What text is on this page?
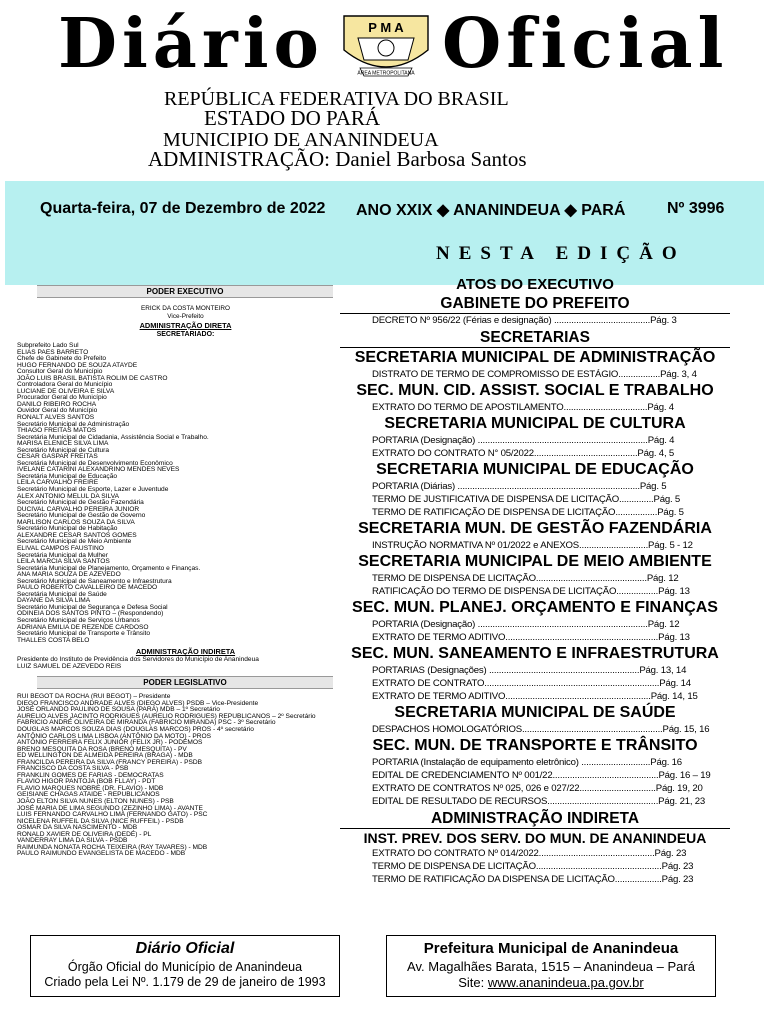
Diário Oficial
P M A
ÁREA METROPOLITANA
REPÚBLICA FEDERATIVA DO BRASIL
ESTADO DO PARÁ
MUNICIPIO DE ANANINDEUA
ADMINISTRAÇÃO: Daniel Barbosa Santos
Quarta-feira, 07 de Dezembro de 2022 ANO XXIX ◆ ANANINDEUA ◆ PARÁ	Nº 3996
NESTA EDIÇÃO
PODER EXECUTIVO
ERICK DA COSTA MONTEIRO
Vice-Prefeito
ADMINISTRAÇÃO DIRETA
SECRETARIADO:
Subprefeito Lado Sul
ELIAS PAES BARRETO
Chefe de Gabinete do Prefeito
HUGO FERNANDO DE SOUZA ATAYDE
Consultor Geral do Município
JOÃO LUIS BRASIL BATISTA ROLIM DE CASTRO
Controladora Geral do Município
LUCIANE DE OLIVEIRA E SILVA
Procurador Geral do Município
DANILO RIBEIRO ROCHA
Ouvidor Geral do Município
RONALT ALVES SANTOS
Secretário Municipal de Administração
THIAGO FREITAS MATOS
Secretária Municipal de Cidadania, Assistência Social e Trabalho.
MARISA ELENICE SILVA LIMA
Secretário Municipal de Cultura
CESAR GASPAR FREITAS
Secretária Municipal de Desenvolvimento Econômico
IVELANE CATARINI ALEXANDRINO MENDES NEVES
Secretária Municipal de Educação
LEILA CARVALHO FREIRE
Secretário Municipal de Esporte, Lazer e Juventude
ALEX ANTONIO MELUL DA SILVA
Secretário Municipal de Gestão Fazendária
DUCIVAL CARVALHO PEREIRA JUNIOR
Secretário Municipal de Gestão de Governo
MARLISON CARLOS SOUZA DA SILVA
Secretário Municipal de Habitação
ALEXANDRE CESAR SANTOS GOMES
Secretário Municipal de Meio Ambiente
ELIVAL CAMPOS FAUSTINO
Secretária Municipal da Mulher
LEILA MARCIA SILVA SANTOS
Secretária Municipal de Planejamento, Orçamento e Finanças.
ANA MARIA SOUZA DE AZEVEDO
Secretário Municipal de Saneamento e Infraestrutura
PAULO ROBERTO CAVALLEIRO DE MACEDO
Secretária Municipal de Saúde
DAYANE DA SILVA LIMA
Secretário Municipal de Segurança e Defesa Social
ODINEIA DOS SANTOS PINTO – (Respondendo)
Secretário Municipal de Serviços Urbanos
ADRIANA EMILIA DE REZENDE CARDOSO
Secretário Municipal de Transporte e Trânsito
THALLES COSTA BELO
ADMINISTRAÇÃO INDIRETA
Presidente do Instituto de Previdência dos Servidores do Município de Ananindeua
LUIZ SAMUEL DE AZEVEDO REIS
PODER LEGISLATIVO
RUI BEGOT DA ROCHA (RUI BEGOT) – Presidente
DIEGO FRANCISCO ANDRADE ALVES (DIEGO ALVES) PSDB – Vice-Presidente
JOSÉ ORLANDO PAULINO DE SOUSA (PARÁ) MDB – 1º Secretário
AURELIO ALVES JACINTO RODRIGUES (AURELIO RODRIGUES) REPUBLICANOS – 2º Secretário
FABRICIO ANDRÉ OLIVEIRA DE MIRANDA (FABRICIO MIRANDA) PSC - 3º Secretário
DOUGLAS MARCOS SOUZA DIAS (DOUGLAS MARCOS) PROS - 4º secretário
ANTÔNIO CARLOS LIMA LISBOA (ANTÔNIO DA MOTO) - PROS
ANTÔNIO FERREIRA FELIX JUNIOR (FELIX JR) - PODEMOS
BRENO MESQUITA DA ROSA (BRENO MESQUITA) - PV
ED WELLINGTON DE ALMEIDA PEREIRA (BRAGA) - MDB
FRANCILDA PEREIRA DA SILVA (FRANCY PEREIRA) - PSDB
FRANCISCO DA COSTA SILVA - PSB
FRANKLIN GOMES DE FARIAS - DEMOCRATAS
FLAVIO HIGOR PANTOJA (BOB FLLAY) - PDT
FLAVIO MARQUES NOBRE (DR. FLAVIO) - MDB
GEISIANE CHAGAS ATAIDE - REPUBLICANOS
JOÃO ELTON SILVA NUNES (ELTON NUNES) - PSB
JOSÉ MARIA DE LIMA SEGUNDO (ZEZINHO LIMA) - AVANTE
LUIS FERNANDO CARVALHO LIMA (FERNANDO GATO) - PSC
NICELENA RUFFEIL DA SILVA (NICE RUFFEIL) - PSDB
OSMAR DA SILVA NASCIMENTO - MDB
RONALD XAVIER DE OLIVEIRA (DEDÉ) - PL
VANDERRAY LIMA DA SILVA - PSDB
RAIMUNDA NONATA ROCHA TEIXEIRA (RAY TAVARES) - MDB
PAULO RAIMUNDO EVANGELISTA DE MACEDO - MDB
ATOS DO EXECUTIVO
GABINETE DO PREFEITO
DECRETO Nº 956/22 (Férias e designação) .......................................Pág. 3
SECRETARIAS
SECRETARIA MUNICIPAL DE ADMINISTRAÇÃO
DISTRATO DE TERMO DE COMPROMISSO DE ESTÁGIO.................Pág. 3, 4
SEC. MUN. CID. ASSIST. SOCIAL E TRABALHO
EXTRATO DO TERMO DE APOSTILAMENTO..................................Pág. 4
SECRETARIA MUNICIPAL DE CULTURA
PORTARIA (Designação) .....................................................................Pág. 4
EXTRATO DO CONTRATO N° 05/2022..........................................Pág. 4, 5
SECRETARIA MUNICIPAL DE EDUCAÇÃO
PORTARIA (Diárias) ..........................................................................Pág. 5
TERMO DE JUSTIFICATIVA DE DISPENSA DE LICITAÇÃO..............Pág. 5
TERMO DE RATIFICAÇÃO DE DISPENSA DE LICITAÇÃO.................Pág. 5
SECRETARIA MUN. DE GESTÃO FAZENDÁRIA
INSTRUÇÃO NORMATIVA Nº 01/2022 e ANEXOS............................Pág. 5 - 12
SECRETARIA MUNICIPAL DE MEIO AMBIENTE
TERMO DE DISPENSA DE LICITAÇÃO.............................................Pág. 12
RATIFICAÇÃO DO TERMO DE DISPENSA DE LICITAÇÃO.................Pág. 13
SEC. MUN. PLANEJ. ORÇAMENTO E FINANÇAS
PORTARIA (Designação) .....................................................................Pág. 12
EXTRATO DE TERMO ADITIVO..............................................................Pág. 13
SEC. MUN. SANEAMENTO E INFRAESTRUTURA
PORTARIAS (Designações) .............................................................Pág. 13, 14
EXTRATO DE CONTRATO.......................................................................Pág. 14
EXTRATO DE TERMO ADITIVO...........................................................Pág. 14, 15
SECRETARIA MUNICIPAL DE SAÚDE
DESPACHOS HOMOLOGATÓRIOS.........................................................Pág. 15, 16
SEC. MUN. DE TRANSPORTE E TRÂNSITO
PORTARIA (Instalação de equipamento eletrônico) ............................Pág. 16
EDITAL DE CREDENCIAMENTO Nº 001/22...........................................Pág. 16 – 19
EXTRATO DE CONTRATOS Nº 025, 026 e 027/22...............................Pág. 19, 20
EDITAL DE RESULTADO DE RECURSOS.............................................Pág. 21, 23
ADMINISTRAÇÃO INDIRETA
INST. PREV. DOS SERV. DO MUN. DE ANANINDEUA
EXTRATO DO CONTRATO Nº 014/2022...............................................Pág. 23
TERMO DE DISPENSA DE LICITAÇÃO...................................................Pág. 23
TERMO DE RATIFICAÇÃO DA DISPENSA DE LICITAÇÃO...................Pág. 23
Diário Oficial
Órgão Oficial do Município de Ananindeua
Criado pela Lei Nº. 1.179 de 29 de janeiro de 1993
Prefeitura Municipal de Ananindeua
Av. Magalhães Barata, 1515 – Ananindeua – Pará
Site: www.ananindeua.pa.gov.br
